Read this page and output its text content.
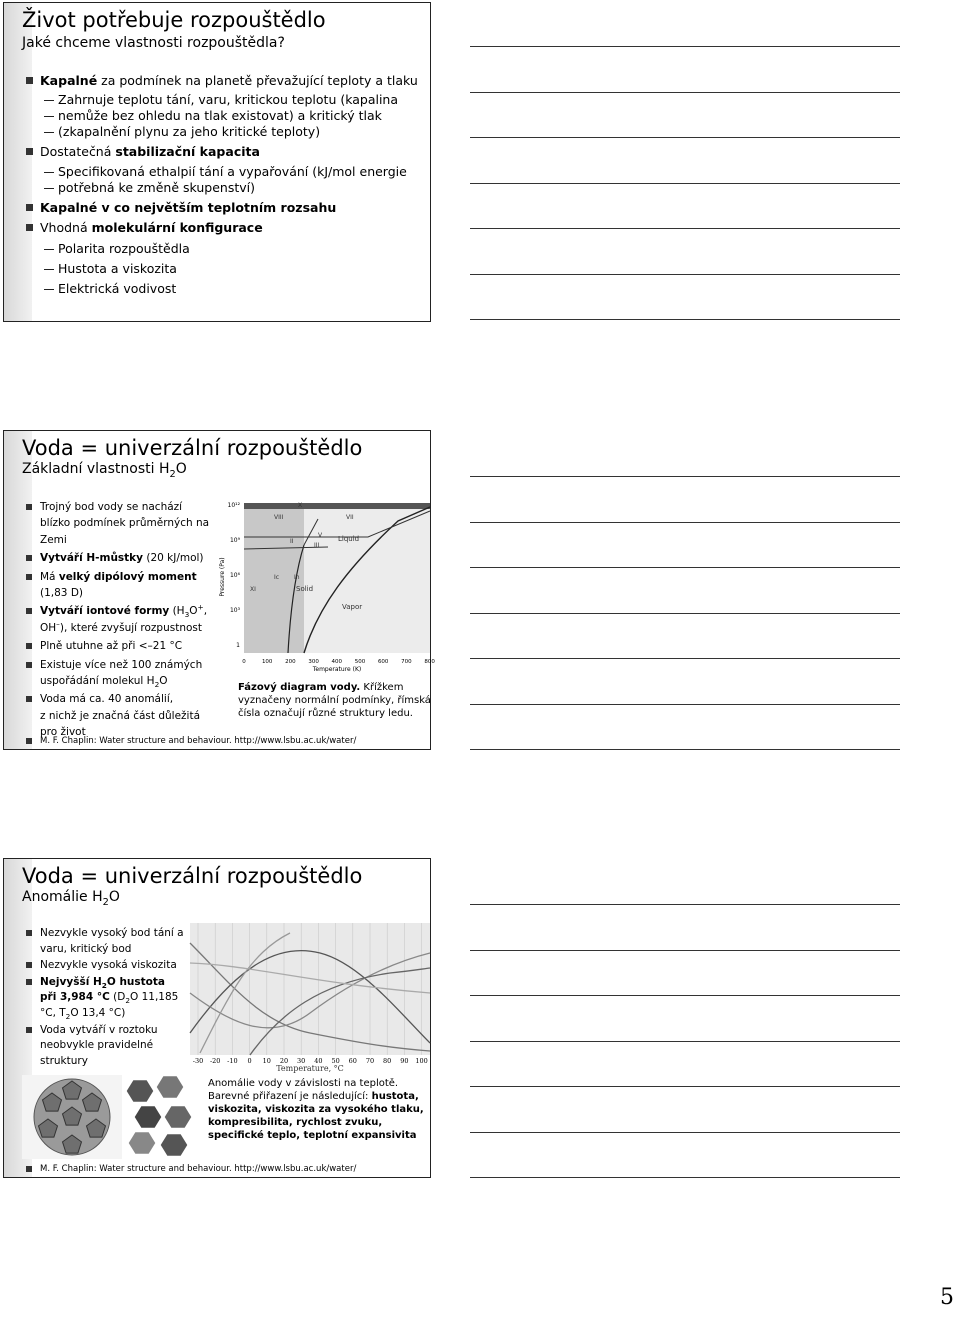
Život potřebuje rozpouštědlo
Jaké chceme vlastnosti rozpouštědla?
Kapalné za podmínek na planetě převažující teploty a tlaku
Zahrnuje teplotu tání, varu, kritickou teplotu (kapalina
nemůže bez ohledu na tlak existovat) a kritický tlak
(zkapalnění plynu za jeho kritické teploty)
Dostatečná stabilizační kapacita
Specifikovaná ethalpií tání a vypařování (kJ/mol energie
potřebná ke změně skupenství)
Kapalné v co největším teplotním rozsahu
Vhodná molekulární konfigurace
Polarita rozpouštědla
Hustota a viskozita
Elektrická vodivost
Voda = univerzální rozpouštědlo
Základní vlastnosti $H_2O$
Trojný bod vody se nachází
blízko podmínek průměrných na
Zemi
Vytváří H-můstky (20 kJ/mol)
Má velký dipólový moment
(1,83 D)
Vytváří iontové formy ($H_3O^+$,
OH–), které zvyšují rozpustnost
Plně utuhne až při <–21 °C
Existuje více než 100 známých
uspořádání molekul $H_2O$
Voda má ca. 40 anomálií,
z nichž je značná část důležitá
pro život
VIII	VII
X
Liquid
II
III
V
Ic Ih
XI	Solid
Vapor
0	100 200 300 400 500 600 700 800
10¹²
10⁹
10⁶
10³
1
Temperature (K)
Pressure (Pa)
Fázový diagram vody. Křížkem
vyznačeny normální podmínky, římská
čísla označují různé struktury ledu.
M. F. Chaplin: Water structure and behaviour. http://www.lsbu.ac.uk/water/
Voda = univerzální rozpouštědlo
Anomálie $H_2O$
Nezvykle vysoký bod tání a
varu, kritický bod
Nezvykle vysoká viskozita
Nejvyšší $H_2O$ hustota
při 3,984 °C ($D_2O$ 11,185
°C, $T_2O$ 13,4 °C)
Voda vytváří v roztoku
neobvykle pravidelné
struktury	-30 -20 -10 0 10 20 30 40 50 60 70 80 90 100
Temperature, °C
Anomálie vody v závislosti na teplotě.
Barevné přiřazení je následující: hustota,
viskozita, viskozita za vysokého tlaku,
kompresibilita, rychlost zvuku,
specifické teplo, teplotní expansivita
M. F. Chaplin: Water structure and behaviour. http://www.lsbu.ac.uk/water/
5
